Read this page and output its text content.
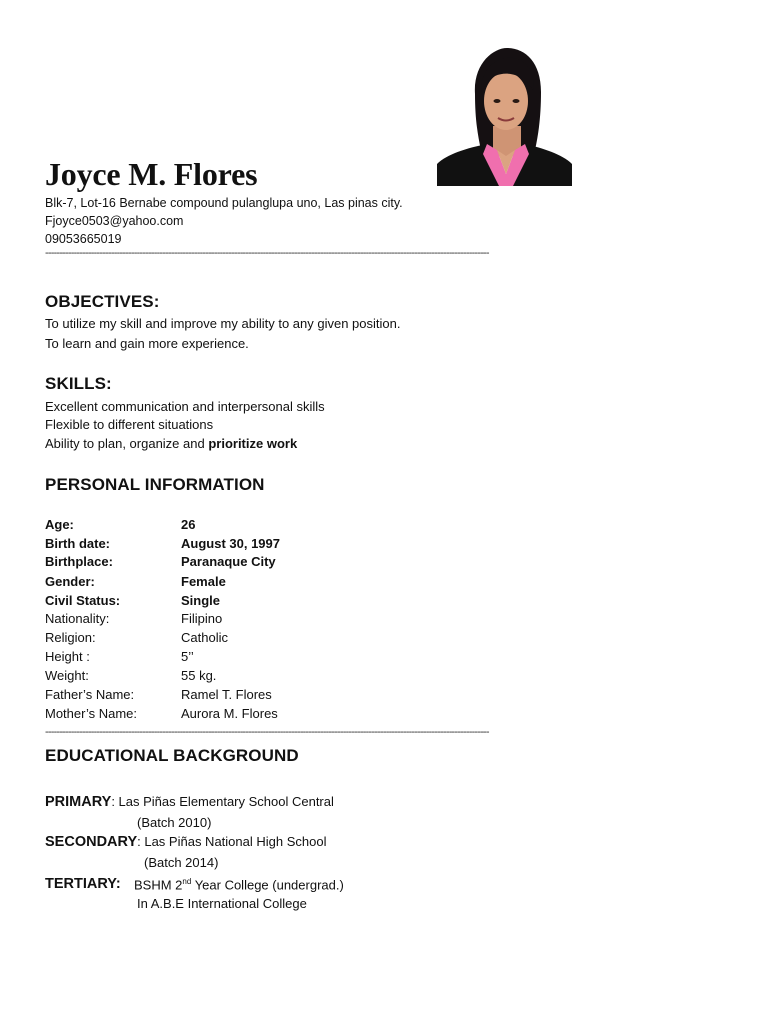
Joyce M. Flores
Blk-7, Lot-16 Bernabe compound pulanglupa uno, Las pinas city.
Fjoyce0503@yahoo.com
09053665019
-----------------------------------------------------------------------------------------------------------------------------------------------------------
OBJECTIVES:
To utilize my skill and improve my ability to any given position.
To learn and gain more experience.
SKILLS:
Excellent communication and interpersonal skills
Flexible to different situations
Ability to plan, organize and prioritize work
PERSONAL INFORMATION
Age:	26
Birth date:	August 30, 1997
Birthplace:	Paranaque City
Gender:	Female
Civil Status:	Single
Nationality:	Filipino
Religion:	Catholic
Height :	5’’
Weight:	55 kg.
Father’s Name:	Ramel T. Flores
Mother’s Name:	Aurora M. Flores
-----------------------------------------------------------------------------------------------------------------------------------------------------------
EDUCATIONAL BACKGROUND
PRIMARY: Las Piñas Elementary School Central
(Batch 2010)
SECONDARY: Las Piñas National High School
(Batch 2014)
TERTIARY: BSHM 2nd Year College (undergrad.)
In A.B.E International College
